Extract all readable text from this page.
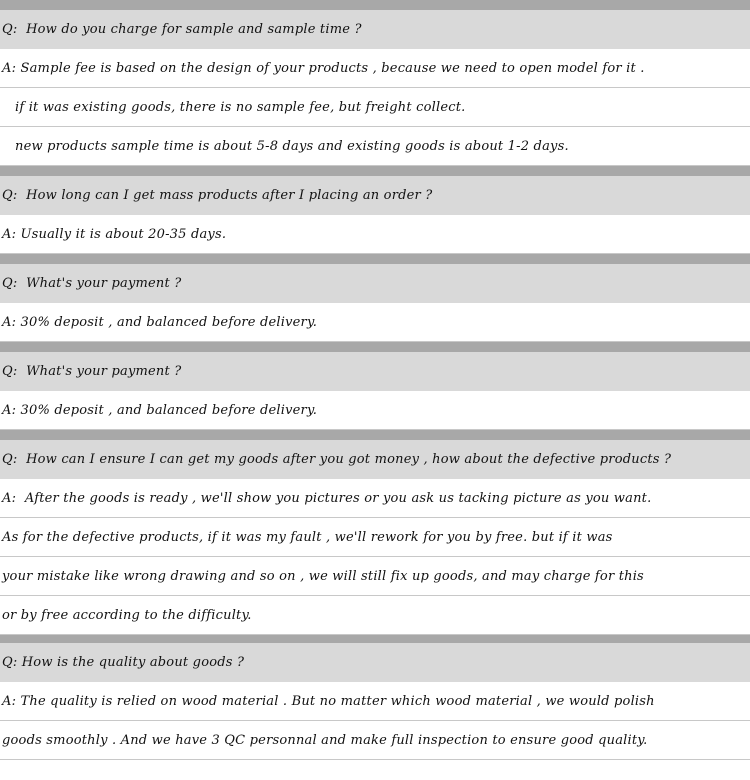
Q:  How do you charge for sample and sample time ?
A: Sample fee is based on the design of your products , because we need to open model for it .
if it was existing goods, there is no sample fee, but freight collect.
new products sample time is about 5-8 days and existing goods is about 1-2 days.
Q:  How long can I get mass products after I placing an order ?
A: Usually it is about 20-35 days.
Q:  What's your payment ?
A: 30% deposit , and balanced before delivery.
Q:  What's your payment ?
A: 30% deposit , and balanced before delivery.
Q:  How can I ensure I can get my goods after you got money , how about the defective products ?
A:  After the goods is ready , we'll show you pictures or you ask us tacking picture as you want.
As for the defective products, if it was my fault , we'll rework for you by free. but if it was
your mistake like wrong drawing and so on , we will still fix up goods, and may charge for this
or by free according to the difficulty.
Q: How is the quality about goods ?
A: The quality is relied on wood material . But no matter which wood material , we would polish
goods smoothly . And we have 3 QC personnal and make full inspection to ensure good quality.
